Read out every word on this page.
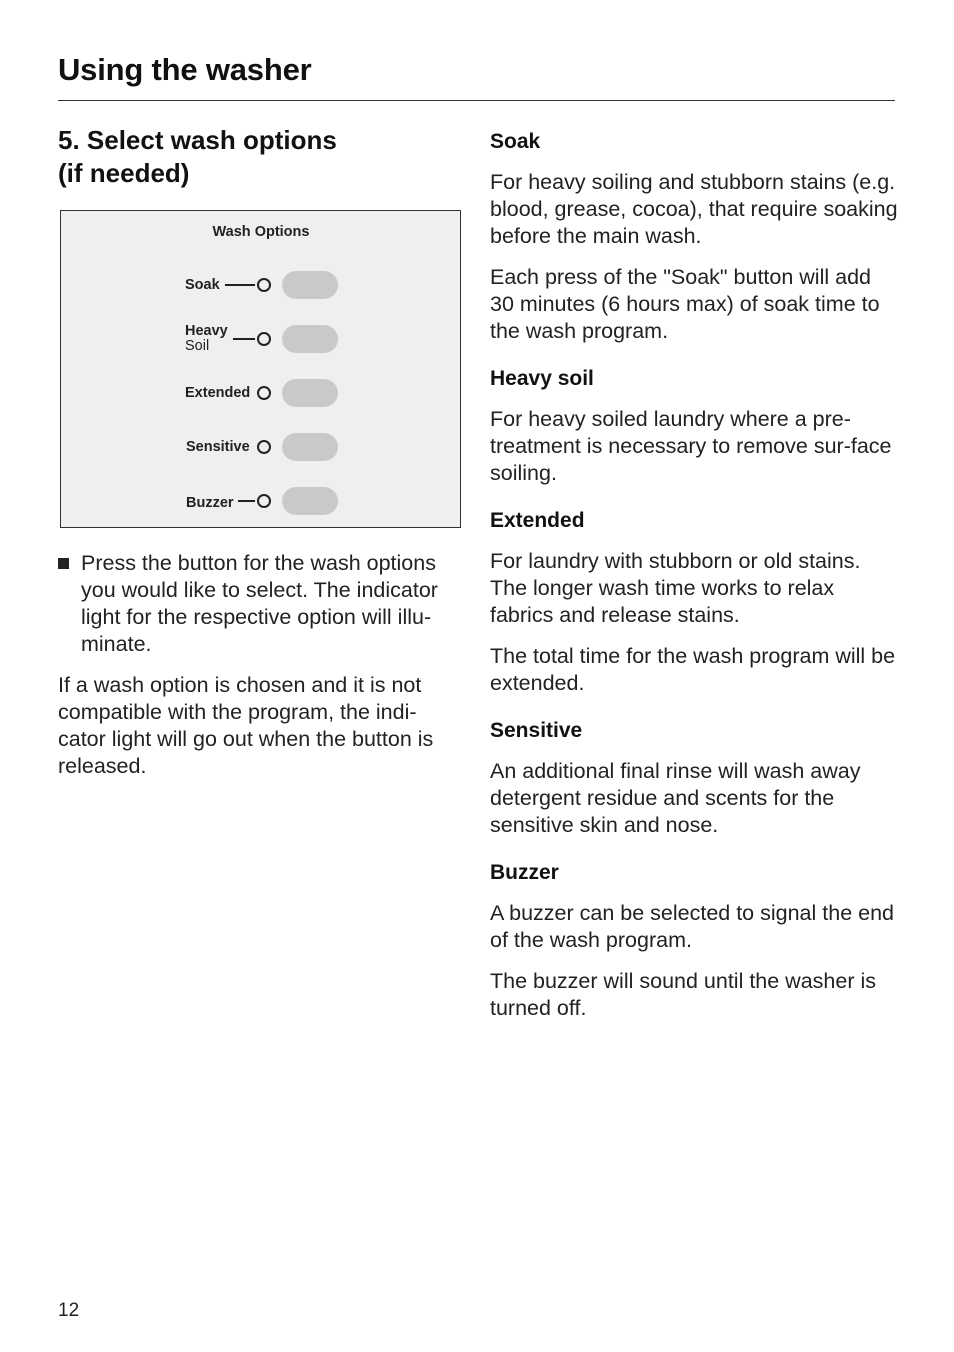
Using the washer
5. Select wash options
(if needed)
Wash Options
Soak
Heavy
Soil
Extended
Sensitive
Buzzer
Press the button for the wash options you would like to select. The indicator light for the respective option will illu-minate.

If a wash option is chosen and it is not compatible with the program, the indi-cator light will go out when the button is released.

Soak

For heavy soiling and stubborn stains (e.g. blood, grease, cocoa), that require soaking before the main wash.

Each press of the "Soak" button will add 30 minutes (6 hours max) of soak time to the wash program.

Heavy soil

For heavy soiled laundry where a pre-treatment is necessary to remove sur-face soiling.

Extended

For laundry with stubborn or old stains. The longer wash time works to relax fabrics and release stains.

The total time for the wash program will be extended.

Sensitive

An additional final rinse will wash away detergent residue and scents for the sensitive skin and nose.

Buzzer

A buzzer can be selected to signal the end of the wash program.

The buzzer will sound until the washer is turned off.

12
